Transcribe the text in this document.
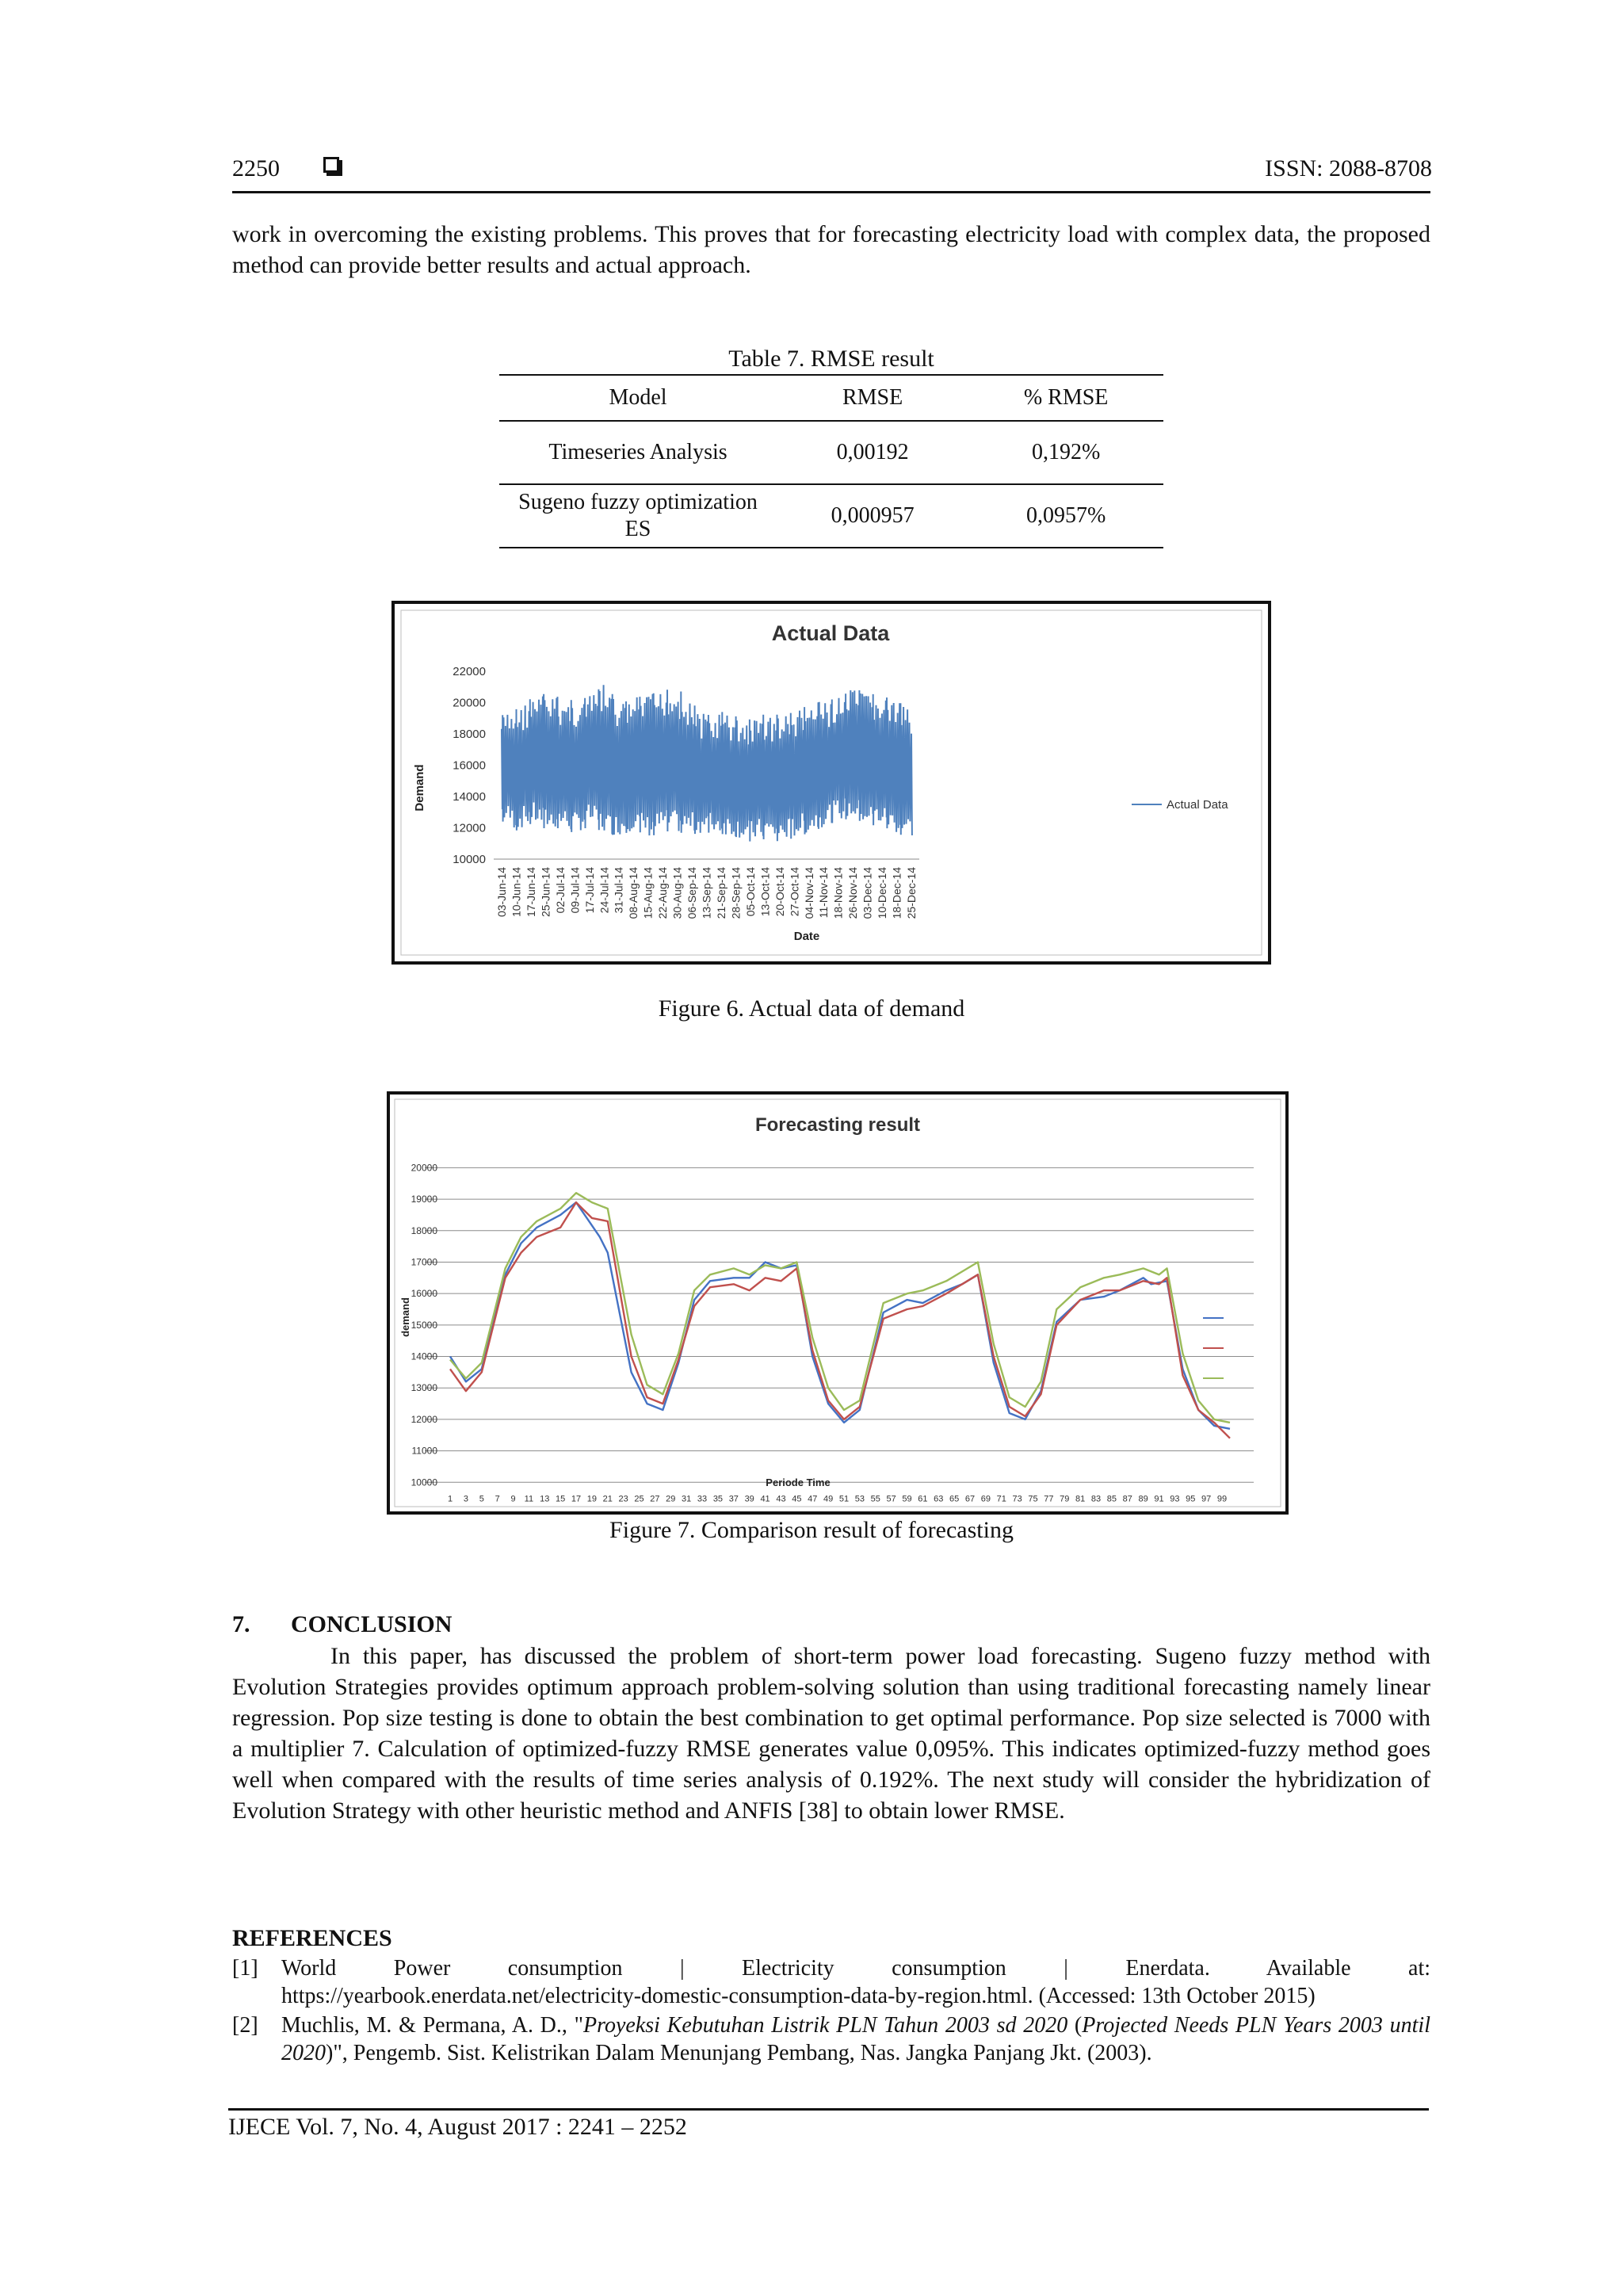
2250	ISSN: 2088-8708
work in overcoming the existing problems. This proves that for forecasting electricity load with complex data, the proposed method can provide better results and actual approach.
Table 7. RMSE result
Model	RMSE	% RMSE
Timeseries Analysis	0,00192	0,192%
Sugeno fuzzy optimization ES	0,000957	0,0957%
Actual Data
22000
20000
18000
16000
14000
12000
10000
03-Jun-14 10-Jun-14 17-Jun-14 25-Jun-14 02-Jul-14 09-Jul-14 17-Jul-14 24-Jul-14 31-Jul-14 08-Aug-14 15-Aug-14 22-Aug-14 30-Aug-14 06-Sep-14 13-Sep-14 21-Sep-14 28-Sep-14 05-Oct-14 13-Oct-14 20-Oct-14 27-Oct-14 04-Nov-14 11-Nov-14 18-Nov-14 26-Nov-14 03-Dec-14 10-Dec-14 18-Dec-14 25-Dec-14
Demand
Date
Actual Data
Figure 6. Actual data of demand
Forecasting result
20000
19000
18000
17000
16000
15000
14000
13000
12000
11000
10000
1 3 5 7 9 11 13 15 17 19 21 23 25 27 29 31 33 35 37 39 41 43 45 47 49 51 53 55 57 59 61 63 65 67 69 71 73 75 77 79 81 83 85 87 89 91 93 95 97 99
demand
Periode Time
Figure 7. Comparison result of forecasting
7. CONCLUSION
In this paper, has discussed the problem of short-term power load forecasting. Sugeno fuzzy method with Evolution Strategies provides optimum approach problem-solving solution than using traditional forecasting namely linear regression. Pop size testing is done to obtain the best combination to get optimal performance. Pop size selected is 7000 with a multiplier 7. Calculation of optimized-fuzzy RMSE generates value 0,095%. This indicates optimized-fuzzy method goes well when compared with the results of time series analysis of 0.192%. The next study will consider the hybridization of Evolution Strategy with other heuristic method and ANFIS [38] to obtain lower RMSE.
REFERENCES
[1] World Power consumption | Electricity consumption | Enerdata. Available at:
https://yearbook.enerdata.net/electricity-domestic-consumption-data-by-region.html. (Accessed: 13th October 2015)
[2] Muchlis, M. & Permana, A. D., "Proyeksi Kebutuhan Listrik PLN Tahun 2003 sd 2020 (Projected Needs PLN Years 2003 until 2020)", Pengemb. Sist. Kelistrikan Dalam Menunjang Pembang, Nas. Jangka Panjang Jkt. (2003).
IJECE Vol. 7, No. 4, August 2017 : 2241 – 2252
